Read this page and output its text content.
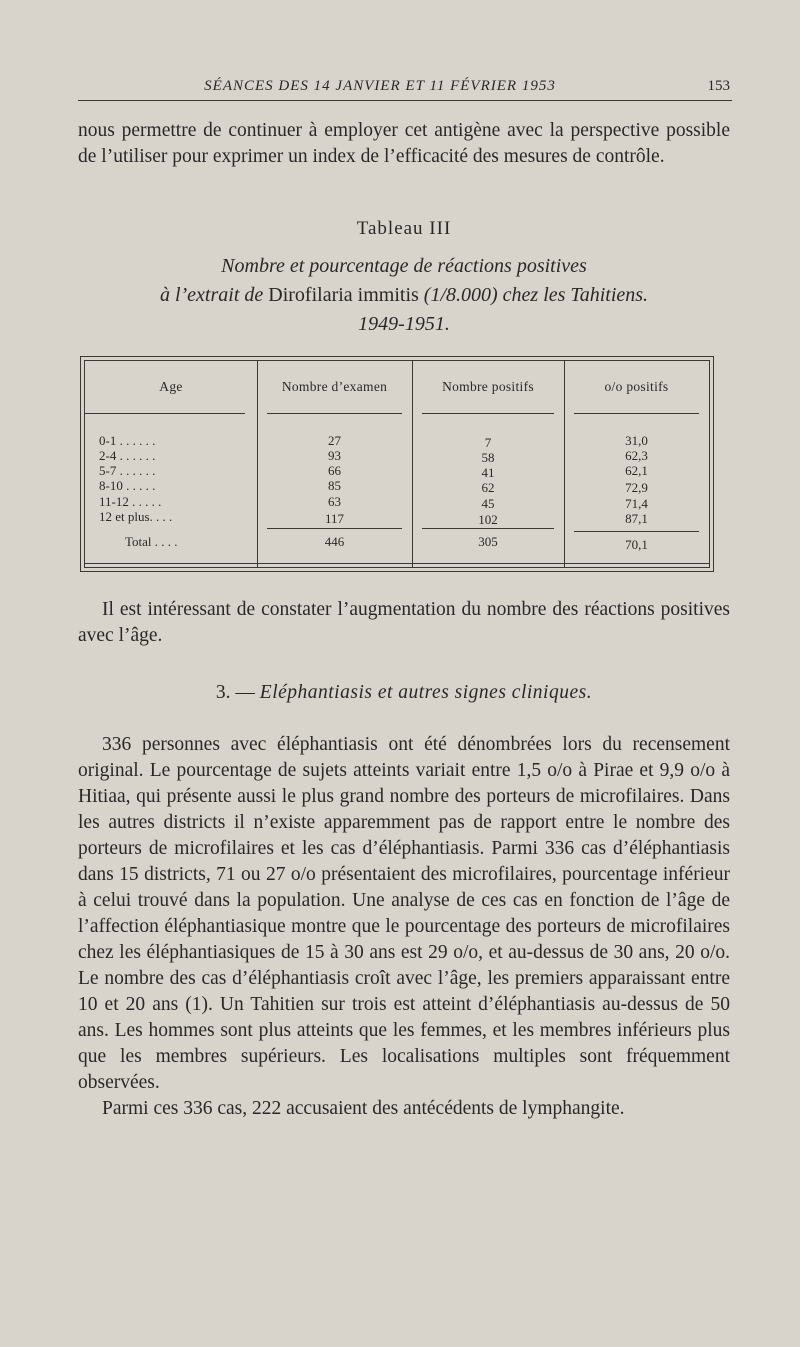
SÉANCES DES 14 JANVIER ET 11 FÉVRIER 1953	153

nous permettre de continuer à employer cet antigène avec la perspective possible de l’utiliser pour exprimer un index de l’efficacité des mesures de contrôle.

Tableau III
Nombre et pourcentage de réactions positives
à l’extrait de Dirofilaria immitis (1/8.000) chez les Tahitiens.
1949-1951.
Age	Nombre d’examen	Nombre positifs	o/o positifs
0-1 . . . . . .	27	7	31,0
2-4 . . . . . .	93	58	62,3
5-7 . . . . . .	66	41	62,1
8-10 . . . . .	85	62	72,9
11-12 . . . . .	63	45	71,4
12 et plus. . . .	117	102	87,1
Total . . . .	446	305	70,1

Il est intéressant de constater l’augmentation du nombre des réactions positives avec l’âge.

3. — Eléphantiasis et autres signes cliniques.

336 personnes avec éléphantiasis ont été dénombrées lors du recensement original. Le pourcentage de sujets atteints variait entre 1,5 o/o à Pirae et 9,9 o/o à Hitiaa, qui présente aussi le plus grand nombre des porteurs de microfilaires. Dans les autres districts il n’existe apparemment pas de rapport entre le nombre des porteurs de microfilaires et les cas d’éléphantiasis. Parmi 336 cas d’éléphantiasis dans 15 districts, 71 ou 27 o/o présentaient des microfilaires, pourcentage inférieur à celui trouvé dans la population. Une analyse de ces cas en fonction de l’âge de l’affection éléphantiasique montre que le pourcentage des porteurs de microfilaires chez les éléphantiasiques de 15 à 30 ans est 29 o/o, et au-dessus de 30 ans, 20 o/o. Le nombre des cas d’éléphantiasis croît avec l’âge, les premiers apparaissant entre 10 et 20 ans (1). Un Tahitien sur trois est atteint d’éléphantiasis au-dessus de 50 ans. Les hommes sont plus atteints que les femmes, et les membres inférieurs plus que les membres supérieurs. Les localisations multiples sont fréquemment observées.

Parmi ces 336 cas, 222 accusaient des antécédents de lymphangite.
